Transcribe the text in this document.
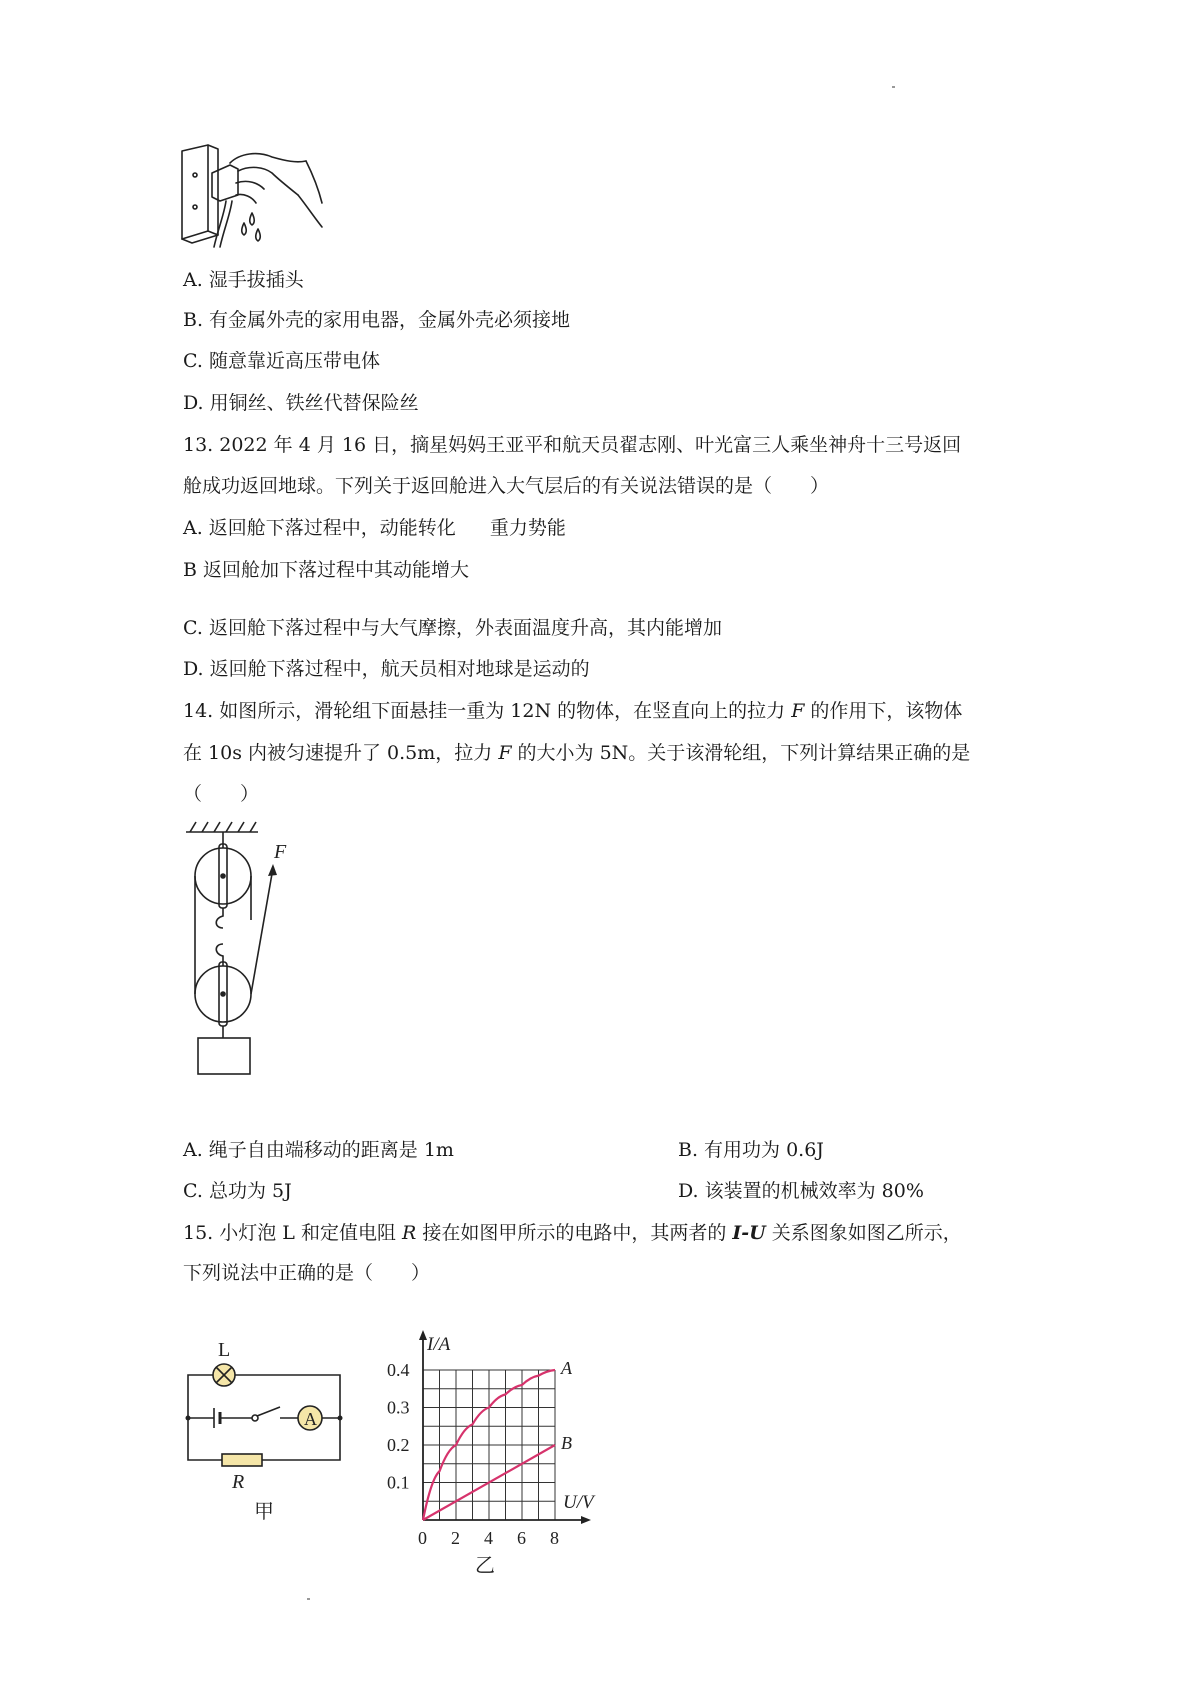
A. 湿手拔插头
B. 有金属外壳的家用电器，金属外壳必须接地
C. 随意靠近高压带电体
D. 用铜丝、铁丝代替保险丝
13. 2022 年 4 月 16 日，摘星妈妈王亚平和航天员翟志刚、叶光富三人乘坐神舟十三号返回
舱成功返回地球。下列关于返回舱进入大气层后的有关说法错误的是（　　）
A. 返回舱下落过程中，动能转化 重力势能
B 返回舱加下落过程中其动能增大
C. 返回舱下落过程中与大气摩擦，外表面温度升高，其内能增加
D. 返回舱下落过程中，航天员相对地球是运动的
14. 如图所示，滑轮组下面悬挂一重为 12N 的物体，在竖直向上的拉力 F 的作用下，该物体
在 10s 内被匀速提升了 0.5m，拉力 F 的大小为 5N。关于该滑轮组，下列计算结果正确的是
（　　）
F
A. 绳子自由端移动的距离是 1m	B. 有用功为 0.6J
C. 总功为 5J	D. 该装置的机械效率为 80%
15. 小灯泡 L 和定值电阻 R 接在如图甲所示的电路中，其两者的 I-U 关系图象如图乙所示，
下列说法中正确的是（　　）
L
A
R
甲
A
B
0 2 4 6 8
0.1
0.2
0.3
0.4
I/A
U/V
乙
